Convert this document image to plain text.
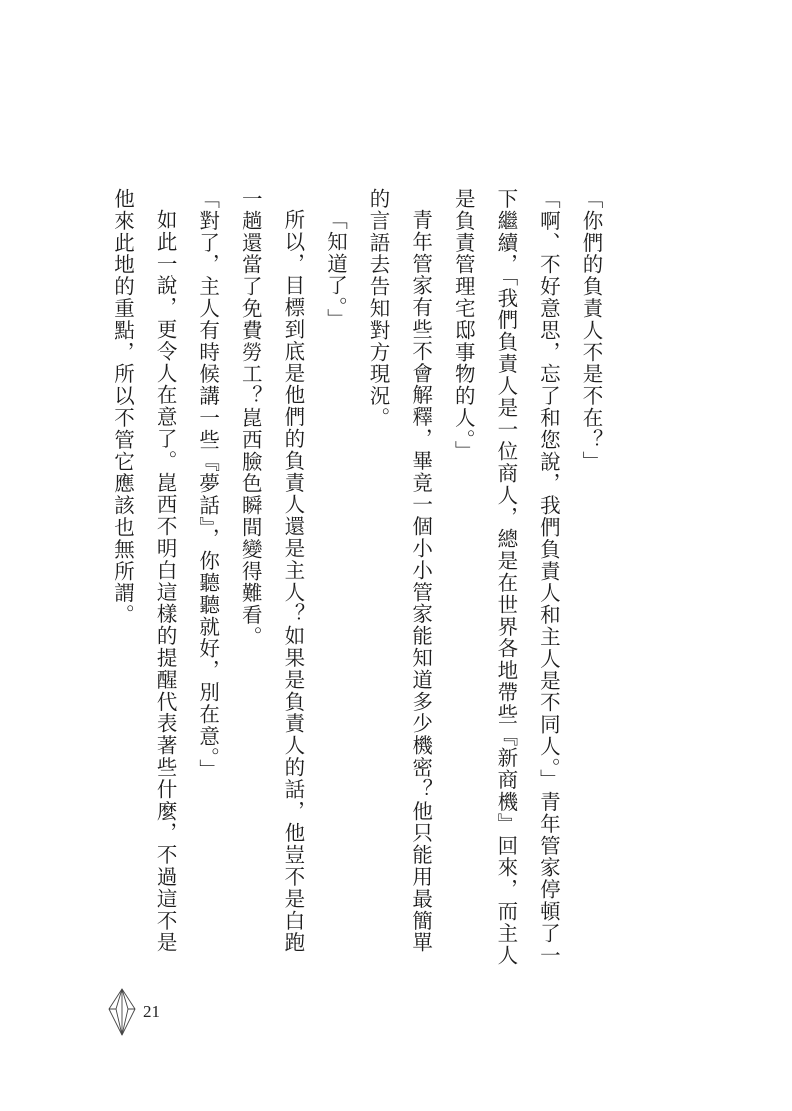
「你們的負責人不是不在？」

「啊、不好意思，忘了和您說，我們負責人和主人是不同人。」青年管家停頓了一下繼續，「我們負責人是一位商人，總是在世界各地帶些『新商機』回來，而主人是負責管理宅邸事物的人。」

青年管家有些不會解釋，畢竟一個小小管家能知道多少機密？他只能用最簡單的言語去告知對方現況。

「知道了。」

所以，目標到底是他們的負責人還是主人？如果是負責人的話，他豈不是白跑一趟還當了免費勞工？崑西臉色瞬間變得難看。

「對了，主人有時候講一些『夢話』，你聽聽就好，別在意。」

如此一說，更令人在意了。崑西不明白這樣的提醒代表著些什麼，不過這不是他來此地的重點，所以不管它應該也無所謂。

21
